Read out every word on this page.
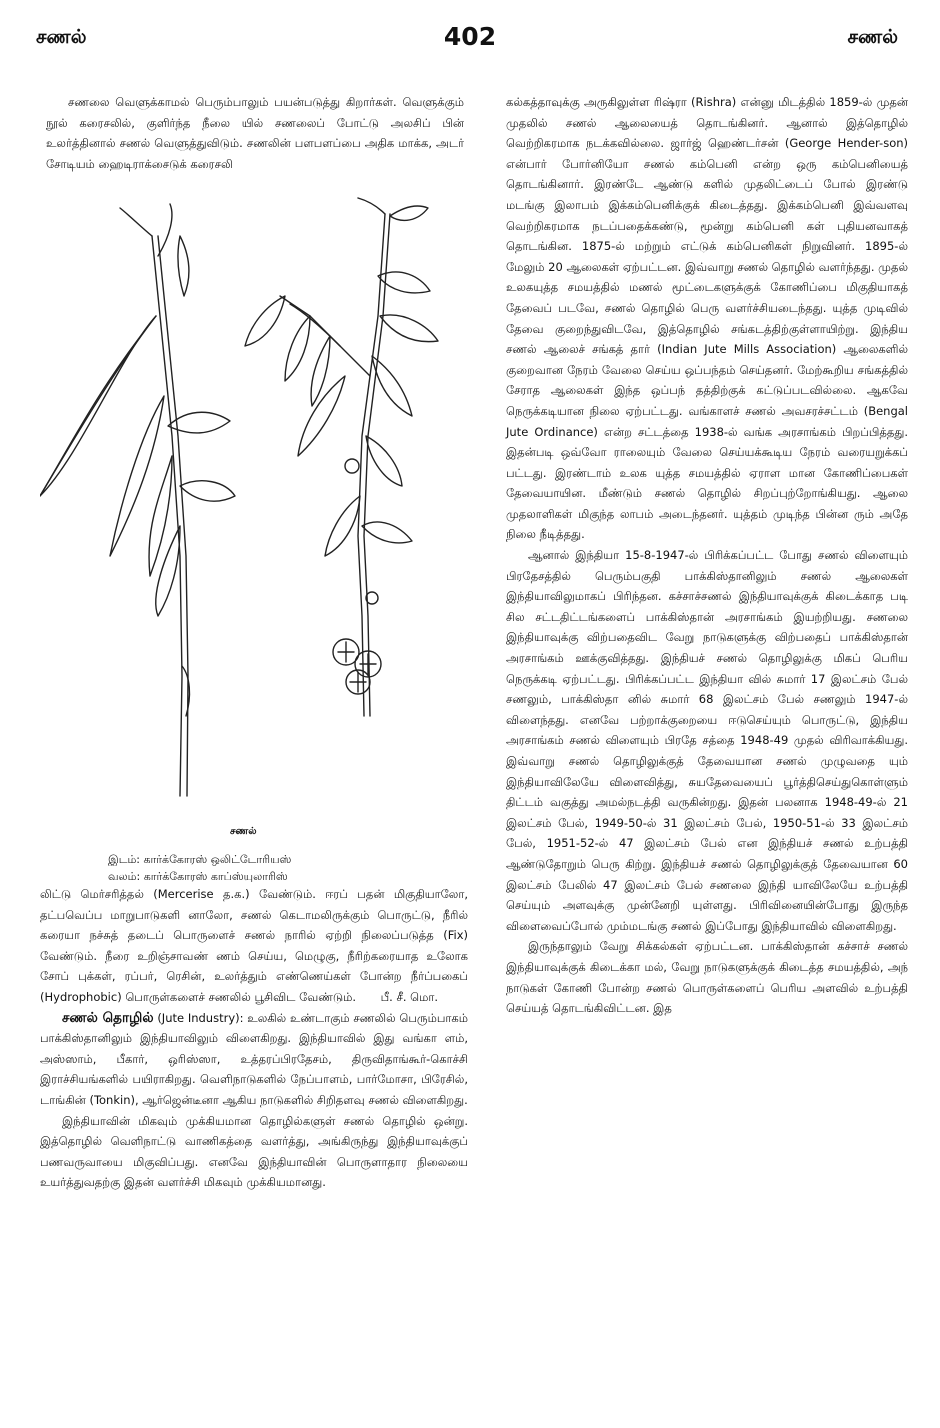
சணல்	402	சணல்

சணலை வெளுக்காமல் பெரும்பாலும் பயன்படுத்து கிறார்கள். வெளுக்கும் நூல் கரைசலில், குளிர்ந்த நீலை யில் சணலைப் போட்டு அலசிப் பின் உலர்த்தினால் சணல் வெளுத்துவிடும். சணலின் பளபளப்பை அதிக மாக்க, அடர் சோடியம் ஹைடிராக்சைடுக் கரைசலி

சணல்
இடம்: கார்க்கோரஸ் ஒலிட்டோரியஸ்
வலம்: கார்க்கோரஸ் காப்ஸ்யுலாரிஸ்

லிட்டு மெர்சரித்தல் (Mercerise த.க.) வேண்டும். ஈரப் பதன் மிகுதியாலோ, தட்பவெப்ப மாறுபாடுகளி னாலோ, சணல் கெடாமலிருக்கும் பொருட்டு, நீரில் கரையா நச்சுத் தடைப் பொருளைச் சணல் நாரில் ஏற்றி நிலைப்படுத்த (Fix) வேண்டும். நீரை உறிஞ்சாவண் ணம் செய்ய, மெழுகு, நீரிற்கரையாத உலோக சோப் புக்கள், ரப்பர், ரெசின், உலர்த்தும் எண்ணெய்கள் போன்ற நீர்ப்பகைப் (Hydrophobic) பொருள்களைச் சணலில் பூசிவிட வேண்டும். பீ. சீ. மொ.

சணல் தொழில் (Jute Industry): உலகில் உண்டாகும் சணலில் பெரும்பாகம் பாக்கிஸ்தானிலும் இந்தியாவிலும் விளைகிறது. இந்தியாவில் இது வங்கா ளம், அஸ்ஸாம், பீகார், ஒரிஸ்ஸா, உத்தரப்பிரதேசம், திருவிதாங்கூர்-கொச்சி இராச்சியங்களில் பயிராகிறது. வெளிநாடுகளில் நேப்பாளம், பார்மோசா, பிரேசில், டாங்கின் (Tonkin), ஆர்ஜென்டீனா ஆகிய நாடுகளில் சிறிதளவு சணல் விளைகிறது.

இந்தியாவின் மிகவும் முக்கியமான தொழில்களுள் சணல் தொழில் ஒன்று. இத்தொழில் வெளிநாட்டு வாணிகத்தை வளர்த்து, அங்கிருந்து இந்தியாவுக்குப் பணவருவாயை மிகுவிப்பது. எனவே இந்தியாவின் பொருளாதார நிலையை உயர்த்துவதற்கு இதன் வளர்ச்சி மிகவும் முக்கியமானது.

கல்கத்தாவுக்கு அருகிலுள்ள ரிஷ்ரா (Rishra) என்னு மிடத்தில் 1859-ல் முதன் முதலில் சணல் ஆலையைத் தொடங்கினர். ஆனால் இத்தொழில் வெற்றிகரமாக நடக்கவில்லை. ஜார்ஜ் ஹெண்டர்சன் (George Hender-son) என்பார் போர்னியோ சணல் கம்பெனி என்ற ஒரு கம்பெனியைத் தொடங்கினார். இரண்டே ஆண்டு களில் முதலிட்டைப் போல் இரண்டு மடங்கு இலாபம் இக்கம்பெனிக்குக் கிடைத்தது. இக்கம்பெனி இவ்வளவு வெற்றிகரமாக நடப்பதைக்கண்டு, மூன்று கம்பெனி கள் புதியனவாகத் தொடங்கின. 1875-ல் மற்றும் எட்டுக் கம்பெனிகள் நிறுவினர். 1895-ல் மேலும் 20 ஆலைகள் ஏற்பட்டன. இவ்வாறு சணல் தொழில் வளர்ந்தது. முதல் உலகயுத்த சமயத்தில் மணல் மூட்டைகளுக்குக் கோணிப்பை மிகுதியாகத் தேவைப் படவே, சணல் தொழில் பெரு வளர்ச்சியடைந்தது. யுத்த முடிவில் தேவை குறைந்துவிடவே, இத்தொழில் சங்கடத்திற்குள்ளாயிற்று. இந்திய சணல் ஆலைச் சங்கத் தார் (Indian Jute Mills Association) ஆலைகளில் குறைவான நேரம் வேலை செய்ய ஒப்பந்தம் செய்தனர். மேற்கூறிய சங்கத்தில் சேராத ஆலைகள் இந்த ஒப்பந் தத்திற்குக் கட்டுப்படவில்லை. ஆகவே நெருக்கடியான நிலை ஏற்பட்டது. வங்காளச் சணல் அவசரச்சட்டம் (Bengal Jute Ordinance) என்ற சட்டத்தை 1938-ல் வங்க அரசாங்கம் பிறப்பித்தது. இதன்படி ஒவ்வோ ராலையும் வேலை செய்யக்கூடிய நேரம் வரையறுக்கப் பட்டது. இரண்டாம் உலக யுத்த சமயத்தில் ஏராள மான கோணிப்பைகள் தேவையாயின. மீண்டும் சணல் தொழில் சிறப்புற்றோங்கியது. ஆலை முதலாளிகள் மிகுந்த லாபம் அடைந்தனர். யுத்தம் முடிந்த பின்ன ரும் அதே நிலை நீடித்தது.

ஆனால் இந்தியா 15-8-1947-ல் பிரிக்கப்பட்ட போது சணல் விளையும் பிரதேசத்தில் பெரும்பகுதி பாக்கிஸ்தானிலும் சணல் ஆலைகள் இந்தியாவிலுமாகப் பிரிந்தன. கச்சாச்சணல் இந்தியாவுக்குக் கிடைக்காத படி சில சட்டதிட்டங்களைப் பாக்கிஸ்தான் அரசாங்கம் இயற்றியது. சணலை இந்தியாவுக்கு விற்பதைவிட வேறு நாடுகளுக்கு விற்பதைப் பாக்கிஸ்தான் அரசாங்கம் ஊக்குவித்தது. இந்தியச் சணல் தொழிலுக்கு மிகப் பெரிய நெருக்கடி ஏற்பட்டது. பிரிக்கப்பட்ட இந்தியா வில் சுமார் 17 இலட்சம் பேல் சணலும், பாக்கிஸ்தா னில் சுமார் 68 இலட்சம் பேல் சணலும் 1947-ல் விளைந்தது. எனவே பற்றாக்குறையை ஈடுசெய்யும் பொருட்டு, இந்திய அரசாங்கம் சணல் விளையும் பிரதே சத்தை 1948-49 முதல் விரிவாக்கியது. இவ்வாறு சணல் தொழிலுக்குத் தேவையான சணல் முழுவதை யும் இந்தியாவிலேயே விளைவித்து, சுயதேவையைப் பூர்த்திசெய்துகொள்ளும் திட்டம் வகுத்து அமல்நடத்தி வருகின்றது. இதன் பலனாக 1948-49-ல் 21 இலட்சம் பேல், 1949-50-ல் 31 இலட்சம் பேல், 1950-51-ல் 33 இலட்சம் பேல், 1951-52-ல் 47 இலட்சம் பேல் என இந்தியச் சணல் உற்பத்தி ஆண்டுதோறும் பெரு கிற்று. இந்தியச் சணல் தொழிலுக்குத் தேவையான 60 இலட்சம் பேலில் 47 இலட்சம் பேல் சணலை இந்தி யாவிலேயே உற்பத்தி செய்யும் அளவுக்கு முன்னேறி யுள்ளது. பிரிவினையின்போது இருந்த விளைவைப்போல் மும்மடங்கு சணல் இப்போது இந்தியாவில் விளைகிறது.

இருந்தாலும் வேறு சிக்கல்கள் ஏற்பட்டன. பாக்கிஸ்தான் கச்சாச் சணல் இந்தியாவுக்குக் கிடைக்கா மல், வேறு நாடுகளுக்குக் கிடைத்த சமயத்தில், அந் நாடுகள் கோணி போன்ற சணல் பொருள்களைப் பெரிய அளவில் உற்பத்தி செய்யத் தொடங்கிவிட்டன. இத
